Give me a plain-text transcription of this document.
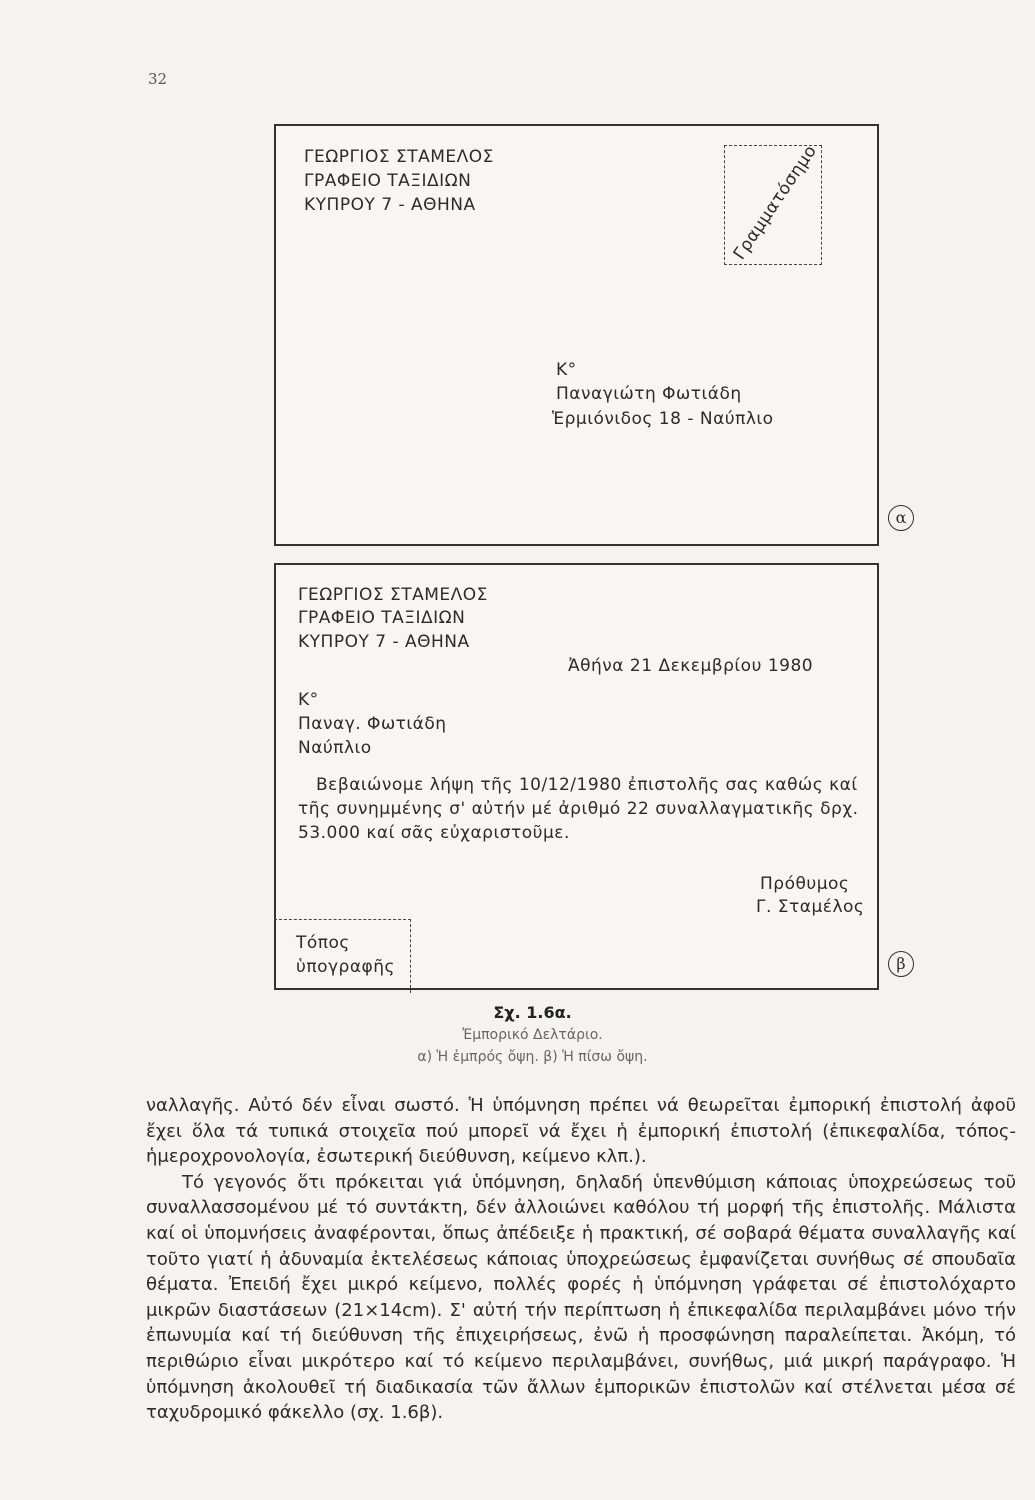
32
ΓΕΩΡΓΙΟΣ ΣΤΑΜΕΛΟΣ
ΓΡΑΦΕΙΟ ΤΑΞΙΔΙΩΝ
ΚΥΠΡΟΥ 7 - ΑΘΗΝΑ	Γραμματόσημο
Κ°
Παναγιώτη Φωτιάδη
Ἑρμιόνιδος 18 - Ναύπλιο
α
ΓΕΩΡΓΙΟΣ ΣΤΑΜΕΛΟΣ
ΓΡΑΦΕΙΟ ΤΑΞΙΔΙΩΝ
ΚΥΠΡΟΥ 7 - ΑΘΗΝΑ
Ἀθήνα 21 Δεκεμβρίου 1980
Κ°
Παναγ. Φωτιάδη
Ναύπλιο
Βεβαιώνομε λήψη τῆς 10/12/1980 ἐπιστολῆς σας καθώς καί
τῆς συνημμένης σ' αὐτήν μέ ἀριθμό 22 συναλλαγματικῆς δρχ.
53.000 καί σᾶς εὐχαριστοῦμε.
Πρόθυμος
Γ. Σταμέλος
Τόπος
ὑπογραφῆς	β
Σχ. 1.6α.
Ἐμπορικό Δελτάριο.
α) Ἡ ἐμπρός ὄψη. β) Ἡ πίσω ὄψη.

ναλλαγῆς. Αὐτό δέν εἶναι σωστό. Ἡ ὑπόμνηση πρέπει νά θεωρεῖται ἐμπορική ἐπιστολή ἀφοῦ ἔχει ὅλα τά τυπικά στοιχεῖα πού μπορεῖ νά ἔχει ἡ ἐμπορική ἐπιστολή (ἐπικεφαλίδα, τόπος-ἡμεροχρονολογία, ἐσωτερική διεύθυνση, κείμενο κλπ.).

Τό γεγονός ὅτι πρόκειται γιά ὑπόμνηση, δηλαδή ὑπενθύμιση κάποιας ὑποχρεώσεως τοῦ συναλλασσομένου μέ τό συντάκτη, δέν ἀλλοιώνει καθόλου τή μορφή τῆς ἐπιστολῆς. Μάλιστα καί οἱ ὑπομνήσεις ἀναφέρονται, ὅπως ἀπέδειξε ἡ πρακτική, σέ σοβαρά θέματα συναλλαγῆς καί τοῦτο γιατί ἡ ἀδυναμία ἐκτελέσεως κάποιας ὑποχρεώσεως ἐμφανίζεται συνήθως σέ σπουδαῖα θέματα. Ἐπειδή ἔχει μικρό κείμενο, πολλές φορές ἡ ὑπόμνηση γράφεται σέ ἐπιστολόχαρτο μικρῶν διαστάσεων (21×14cm). Σ' αὐτή τήν περίπτωση ἡ ἐπικεφαλίδα περιλαμβάνει μόνο τήν ἐπωνυμία καί τή διεύθυνση τῆς ἐπιχειρήσεως, ἐνῶ ἡ προσφώνηση παραλείπεται. Ἀκόμη, τό περιθώριο εἶναι μικρότερο καί τό κείμενο περιλαμβάνει, συνήθως, μιά μικρή παράγραφο. Ἡ ὑπόμνηση ἀκολουθεῖ τή διαδικασία τῶν ἄλλων ἐμπορικῶν ἐπιστολῶν καί στέλνεται μέσα σέ ταχυδρομικό φάκελλο (σχ. 1.6β).
